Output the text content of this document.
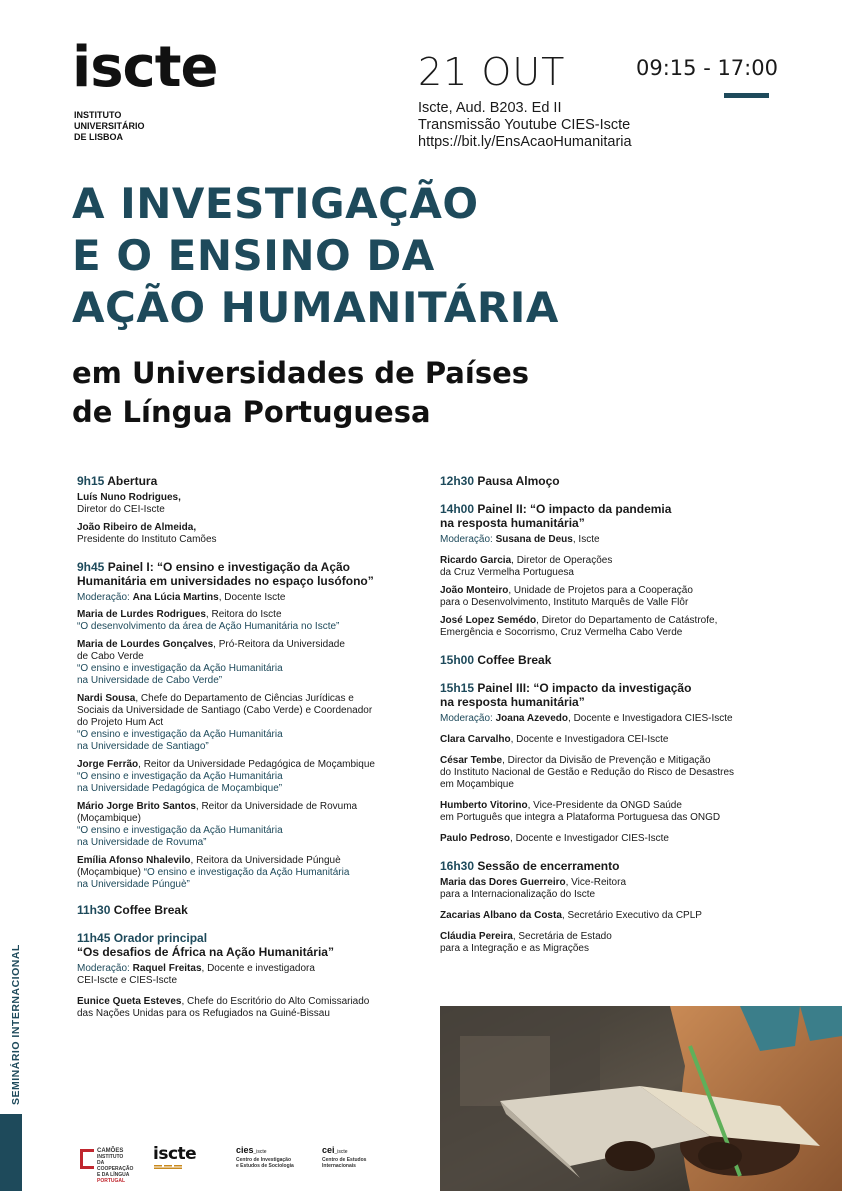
iscte
INSTITUTO
UNIVERSITÁRIO
DE LISBOA
21 OUT	09:15 - 17:00
Iscte, Aud. B203. Ed II
Transmissão Youtube CIES-Iscte
https://bit.ly/EnsAcaoHumanitaria
A INVESTIGAÇÃO
E O ENSINO DA
AÇÃO HUMANITÁRIA
em Universidades de Países
de Língua Portuguesa
9h15 Abertura
Luís Nuno Rodrigues,
Diretor do CEI-Iscte
João Ribeiro de Almeida,
Presidente do Instituto Camões
9h45 Painel I: “O ensino e investigação da Ação
Humanitária em universidades no espaço lusófono”
Moderação: Ana Lúcia Martins, Docente Iscte
Maria de Lurdes Rodrigues, Reitora do Iscte
“O desenvolvimento da área de Ação Humanitária no Iscte”
Maria de Lourdes Gonçalves, Pró-Reitora da Universidade
de Cabo Verde
“O ensino e investigação da Ação Humanitária
na Universidade de Cabo Verde”
Nardi Sousa, Chefe do Departamento de Ciências Jurídicas e
Sociais da Universidade de Santiago (Cabo Verde) e Coordenador
do Projeto Hum Act
“O ensino e investigação da Ação Humanitária
na Universidade de Santiago”
Jorge Ferrão, Reitor da Universidade Pedagógica de Moçambique
“O ensino e investigação da Ação Humanitária
na Universidade Pedagógica de Moçambique”
Mário Jorge Brito Santos, Reitor da Universidade de Rovuma
(Moçambique)
“O ensino e investigação da Ação Humanitária
na Universidade de Rovuma”
Emília Afonso Nhalevilo, Reitora da Universidade Púnguè
(Moçambique) “O ensino e investigação da Ação Humanitária
na Universidade Púnguè”
11h30 Coffee Break
11h45 Orador principal
“Os desafios de África na Ação Humanitária”
Moderação: Raquel Freitas, Docente e investigadora
CEI-Iscte e CIES-Iscte
Eunice Queta Esteves, Chefe do Escritório do Alto Comissariado
das Nações Unidas para os Refugiados na Guiné-Bissau
12h30 Pausa Almoço
14h00 Painel II: “O impacto da pandemia
na resposta humanitária”
Moderação: Susana de Deus, Iscte
Ricardo Garcia, Diretor de Operações
da Cruz Vermelha Portuguesa
João Monteiro, Unidade de Projetos para a Cooperação
para o Desenvolvimento, Instituto Marquês de Valle Flôr
José Lopez Semédo, Diretor do Departamento de Catástrofe,
Emergência e Socorrismo, Cruz Vermelha Cabo Verde
15h00 Coffee Break
15h15 Painel III: “O impacto da investigação
na resposta humanitária”
Moderação: Joana Azevedo, Docente e Investigadora CIES-Iscte
Clara Carvalho, Docente e Investigadora CEI-Iscte
César Tembe, Director da Divisão de Prevenção e Mitigação
do Instituto Nacional de Gestão e Redução do Risco de Desastres
em Moçambique
Humberto Vitorino, Vice-Presidente da ONGD Saúde
em Português que integra a Plataforma Portuguesa das ONGD
Paulo Pedroso, Docente e Investigador CIES-Iscte
16h30 Sessão de encerramento
Maria das Dores Guerreiro, Vice-Reitora
para a Internacionalização do Iscte
Zacarias Albano da Costa, Secretário Executivo da CPLP
Cláudia Pereira, Secretária de Estado
para a Integração e as Migrações
SEMINÁRIO INTERNACIONAL
CAMÕES
INSTITUTO
DA COOPERAÇÃO
E DA LÍNGUA
PORTUGAL
iscte	cies_iscte
Centro de Investigação
e Estudos de Sociologia
cei_iscte
Centro de Estudos
Internacionais
